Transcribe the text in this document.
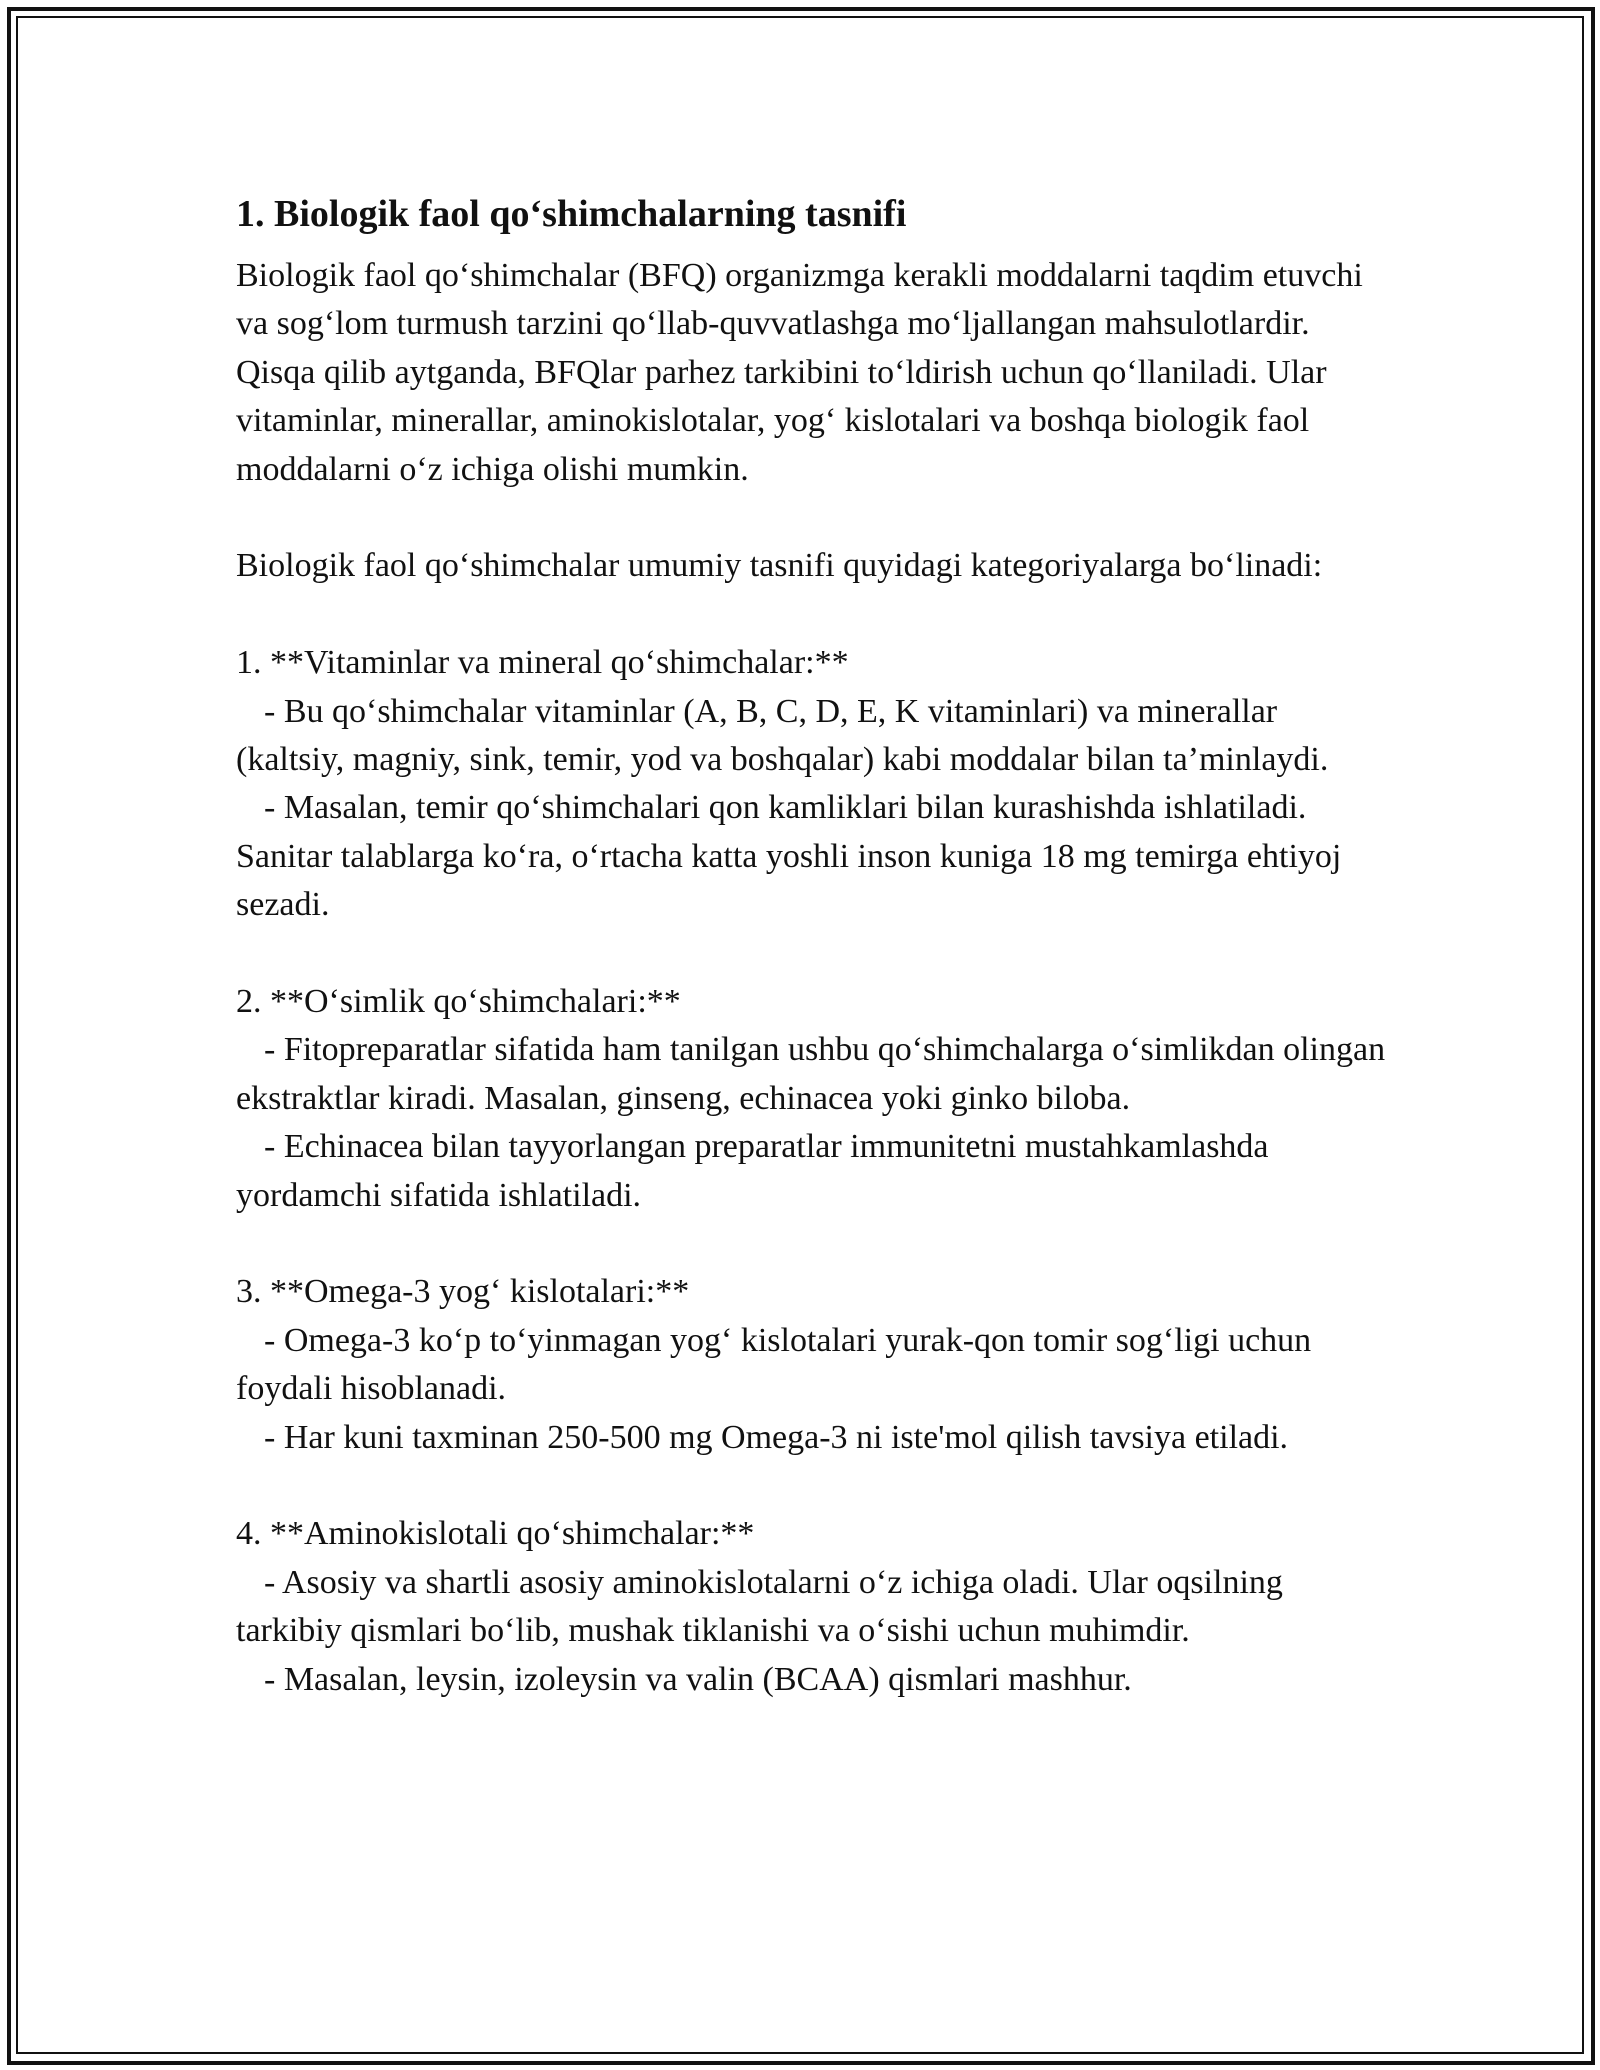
1. Biologik faol qo‘shimchalarning tasnifi

Biologik faol qo‘shimchalar (BFQ) organizmga kerakli moddalarni taqdim etuvchi va sog‘lom turmush tarzini qo‘llab-quvvatlashga mo‘ljallangan mahsulotlardir. Qisqa qilib aytganda, BFQlar parhez tarkibini to‘ldirish uchun qo‘llaniladi. Ular vitaminlar, minerallar, aminokislotalar, yog‘ kislotalari va boshqa biologik faol moddalarni o‘z ichiga olishi mumkin.

Biologik faol qo‘shimchalar umumiy tasnifi quyidagi kategoriyalarga bo‘linadi:

1. **Vitaminlar va mineral qo‘shimchalar:**

- Bu qo‘shimchalar vitaminlar (A, B, C, D, E, K vitaminlari) va minerallar (kaltsiy, magniy, sink, temir, yod va boshqalar) kabi moddalar bilan ta’minlaydi.

- Masalan, temir qo‘shimchalari qon kamliklari bilan kurashishda ishlatiladi. Sanitar talablarga ko‘ra, o‘rtacha katta yoshli inson kuniga 18 mg temirga ehtiyoj sezadi.

2. **O‘simlik qo‘shimchalari:**

- Fitopreparatlar sifatida ham tanilgan ushbu qo‘shimchalarga o‘simlikdan olingan ekstraktlar kiradi. Masalan, ginseng, echinacea yoki ginko biloba.

- Echinacea bilan tayyorlangan preparatlar immunitetni mustahkamlashda yordamchi sifatida ishlatiladi.

3. **Omega-3 yog‘ kislotalari:**

- Omega-3 ko‘p to‘yinmagan yog‘ kislotalari yurak-qon tomir sog‘ligi uchun foydali hisoblanadi.

- Har kuni taxminan 250-500 mg Omega-3 ni iste'mol qilish tavsiya etiladi.

4. **Aminokislotali qo‘shimchalar:**

- Asosiy va shartli asosiy aminokislotalarni o‘z ichiga oladi. Ular oqsilning tarkibiy qismlari bo‘lib, mushak tiklanishi va o‘sishi uchun muhimdir.

- Masalan, leysin, izoleysin va valin (BCAA) qismlari mashhur.
